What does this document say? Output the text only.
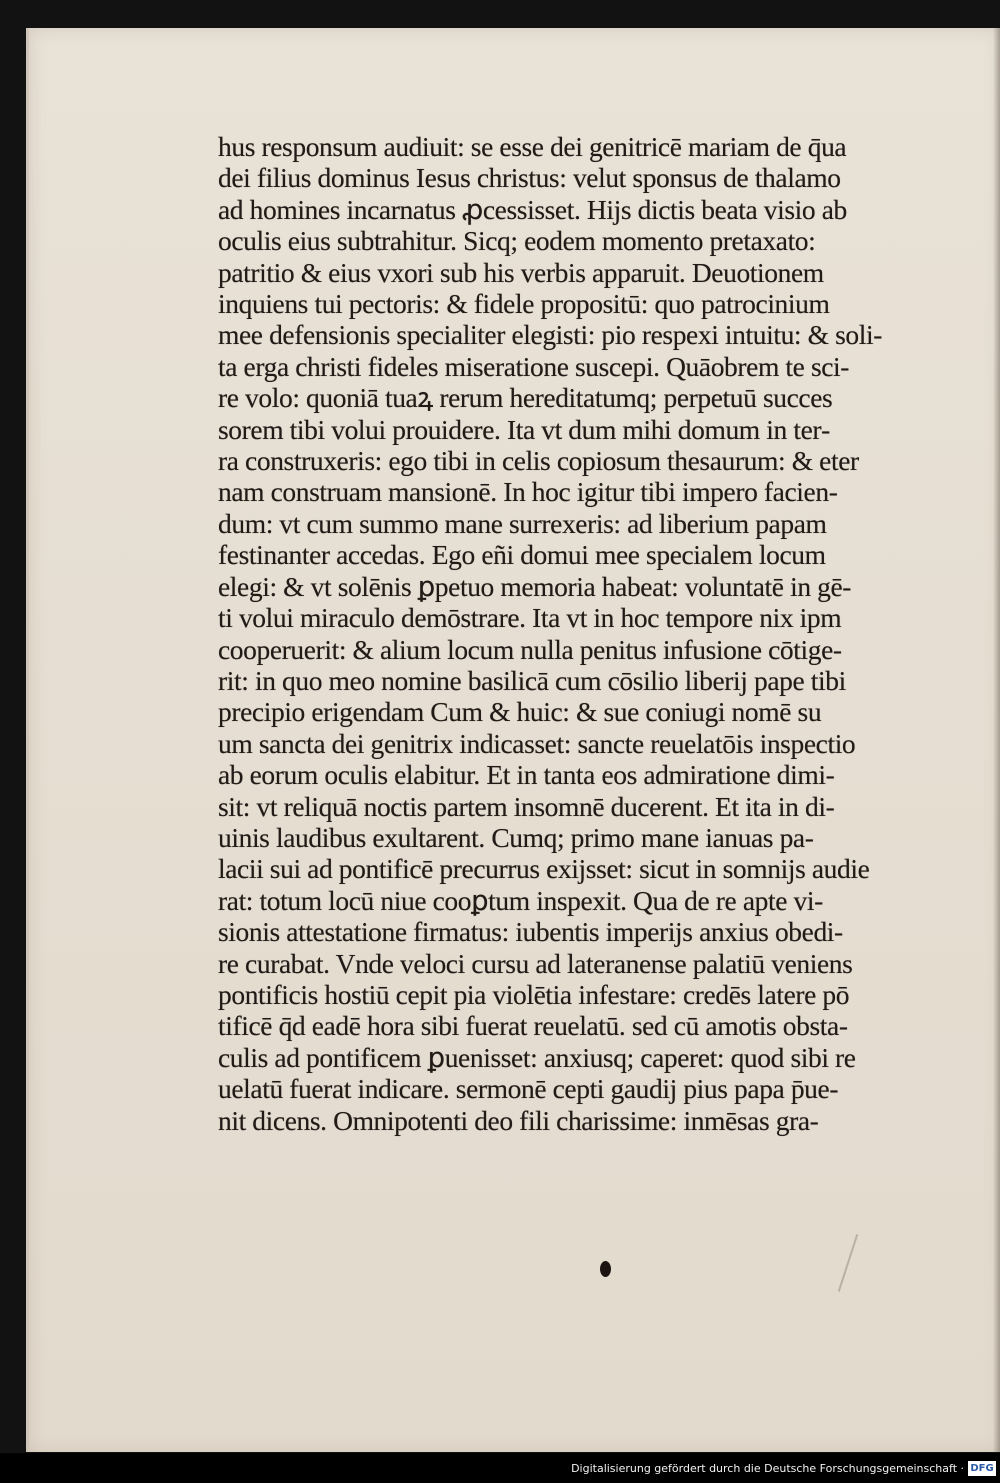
hus responsum audiuit: se esse dei genitricē mariam de q̄ua
dei filius dominus Iesus christus: velut sponsus de thalamo
ad homines incarnatus ꝓcessisset. Hijs dictis beata visio ab
oculis eius subtrahitur. Sicq; eodem momento pretaxato:
patritio & eius vxori sub his verbis apparuit. Deuotionem
inquiens tui pectoris: & fidele propositū: quo patrocinium
mee defensionis specialiter elegisti: pio respexi intuitu: & soli‑
ta erga christi fideles miseratione suscepi. Quāobrem te sci‑
re volo: quoniā tuaꝝ rerum hereditatumq; perpetuū succes
sorem tibi volui prouidere. Ita vt dum mihi domum in ter‑
ra construxeris: ego tibi in celis copiosum thesaurum: & eter
nam construam mansionē. In hoc igitur tibi impero facien‑
dum: vt cum summo mane surrexeris: ad liberium papam
festinanter accedas. Ego eñi domui mee specialem locum
elegi: & vt solēnis ꝑpetuo memoria habeat: voluntatē in gē‑
ti volui miraculo demōstrare. Ita vt in hoc tempore nix ipm
cooperuerit: & alium locum nulla penitus infusione cōtige‑
rit: in quo meo nomine basilicā cum cōsilio liberij pape tibi
precipio erigendam Cum & huic: & sue coniugi nomē su
um sancta dei genitrix indicasset: sancte reuelatōis inspectio
ab eorum oculis elabitur. Et in tanta eos admiratione dimi‑
sit: vt reliquā noctis partem insomnē ducerent. Et ita in di‑
uinis laudibus exultarent. Cumq; primo mane ianuas pa‑
lacii sui ad pontificē precurrus exijsset: sicut in somnijs audie
rat: totum locū niue cooꝑtum inspexit. Qua de re apte vi‑
sionis attestatione firmatus: iubentis imperijs anxius obedi‑
re curabat. Vnde veloci cursu ad lateranense palatiū veniens
pontificis hostiū cepit pia violētia infestare: credēs latere pō
tificē q̄d eadē hora sibi fuerat reuelatū. sed cū amotis obsta‑
culis ad pontificem ꝑuenisset: anxiusq; caperet: quod sibi re
uelatū fuerat indicare. sermonē cepti gaudij pius papa p̄ue‑
nit dicens. Omnipotenti deo fili charissime: inmēsas gra‑
Digitalisierung gefördert durch die Deutsche Forschungsgemeinschaft · DFG
